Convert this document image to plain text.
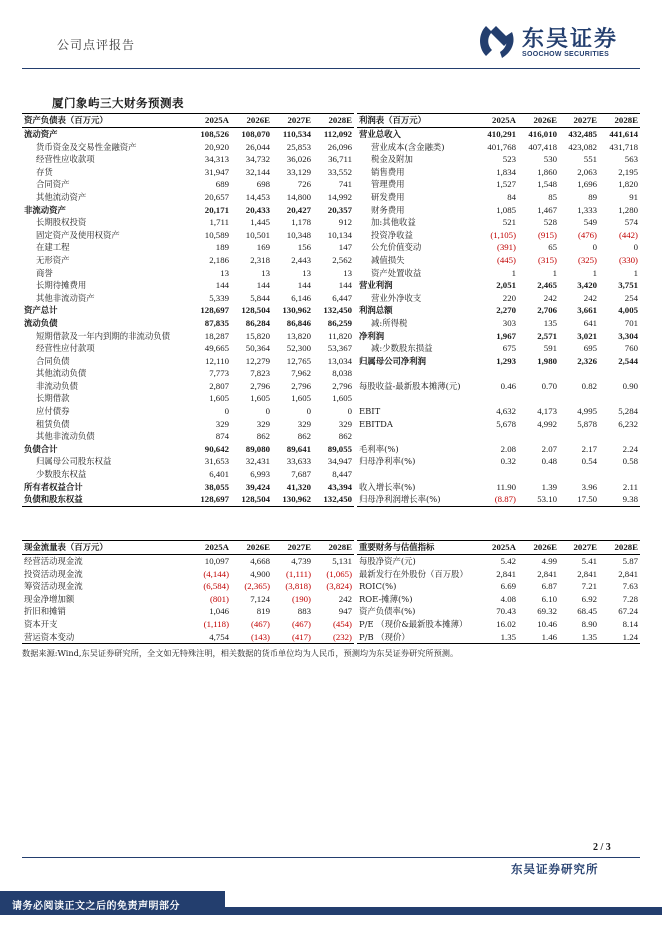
公司点评报告	东吴证券
SOOCHOW SECURITIES
厦门象屿三大财务预测表
资产负债表（百万元）	2025A	2026E	2027E	2028E
流动资产	108,526	108,070	110,534	112,092
货币资金及交易性金融资产	20,920	26,044	25,853	26,096
经营性应收款项	34,313	34,732	36,026	36,711
存货	31,947	32,144	33,129	33,552
合同资产	689	698	726	741
其他流动资产	20,657	14,453	14,800	14,992
非流动资产	20,171	20,433	20,427	20,357
长期股权投资	1,711	1,445	1,178	912
固定资产及使用权资产	10,589	10,501	10,348	10,134
在建工程	189	169	156	147
无形资产	2,186	2,318	2,443	2,562
商誉	13	13	13	13
长期待摊费用	144	144	144	144
其他非流动资产	5,339	5,844	6,146	6,447
资产总计	128,697	128,504	130,962	132,450
流动负债	87,835	86,284	86,846	86,259
短期借款及一年内到期的非流动负债	18,287	15,820	13,820	11,820
经营性应付款项	49,665	50,364	52,300	53,367
合同负债	12,110	12,279	12,765	13,034
其他流动负债	7,773	7,823	7,962	8,038
非流动负债	2,807	2,796	2,796	2,796
长期借款	1,605	1,605	1,605	1,605
应付债券	0	0	0	0
租赁负债	329	329	329	329
其他非流动负债	874	862	862	862
负债合计	90,642	89,080	89,641	89,055
归属母公司股东权益	31,653	32,431	33,633	34,947
少数股东权益	6,401	6,993	7,687	8,447
所有者权益合计	38,055	39,424	41,320	43,394
负债和股东权益	128,697	128,504	130,962	132,450
利润表（百万元）	2025A	2026E	2027E	2028E
营业总收入	410,291	416,010	432,485	441,614
营业成本(含金融类)	401,768	407,418	423,082	431,718
税金及附加	523	530	551	563
销售费用	1,834	1,860	2,063	2,195
管理费用	1,527	1,548	1,696	1,820
研发费用	84	85	89	91
财务费用	1,085	1,467	1,333	1,280
加:其他收益	521	528	549	574
投资净收益	(1,105)	(915)	(476)	(442)
公允价值变动	(391)	65	0	0
减值损失	(445)	(315)	(325)	(330)
资产处置收益	1	1	1	1
营业利润	2,051	2,465	3,420	3,751
营业外净收支	220	242	242	254
利润总额	2,270	2,706	3,661	4,005
减:所得税	303	135	641	701
净利润	1,967	2,571	3,021	3,304
减:少数股东损益	675	591	695	760
归属母公司净利润	1,293	1,980	2,326	2,544

每股收益-最新股本摊薄(元)	0.46	0.70	0.82	0.90

EBIT	4,632	4,173	4,995	5,284
EBITDA	5,678	4,992	5,878	6,232

毛利率(%)	2.08	2.07	2.17	2.24
归母净利率(%)	0.32	0.48	0.54	0.58

收入增长率(%)	11.90	1.39	3.96	2.11
归母净利润增长率(%)	(8.87)	53.10	17.50	9.38
现金流量表（百万元）	2025A	2026E	2027E	2028E
经营活动现金流	10,097	4,668	4,739	5,131
投资活动现金流	(4,144)	4,900	(1,111)	(1,065)
筹资活动现金流	(6,584)	(2,365)	(3,818)	(3,824)
现金净增加额	(801)	7,124	(190)	242
折旧和摊销	1,046	819	883	947
资本开支	(1,118)	(467)	(467)	(454)
营运资本变动	4,754	(143)	(417)	(232)
重要财务与估值指标	2025A	2026E	2027E	2028E
每股净资产(元)	5.42	4.99	5.41	5.87
最新发行在外股份（百万股）	2,841	2,841	2,841	2,841
ROIC(%)	6.69	6.87	7.21	7.63
ROE-摊薄(%)	4.08	6.10	6.92	7.28
资产负债率(%)	70.43	69.32	68.45	67.24
P/E （现价&最新股本摊薄）	16.02	10.46	8.90	8.14
P/B （现价）	1.35	1.46	1.35	1.24
数据来源:Wind,东吴证券研究所，全文如无特殊注明，相关数据的货币单位均为人民币，预测均为东吴证券研究所预测。
2 / 3
东吴证券研究所
请务必阅读正文之后的免责声明部分
